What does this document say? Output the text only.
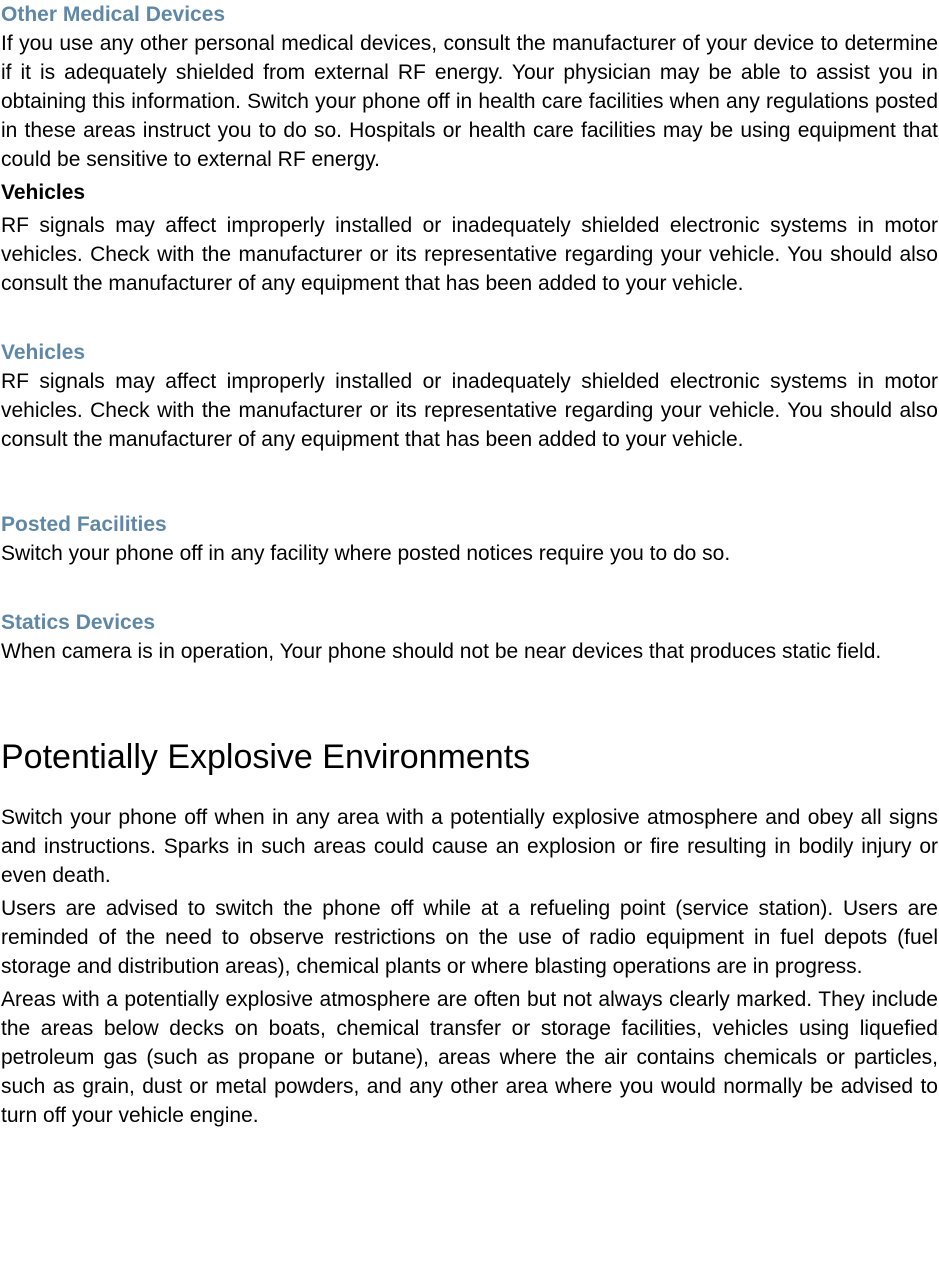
Other Medical Devices

If you use any other personal medical devices, consult the manufacturer of your device to determine if it is adequately shielded from external RF energy. Your physician may be able to assist you in obtaining this information. Switch your phone off in health care facilities when any regulations posted in these areas instruct you to do so. Hospitals or health care facilities may be using equipment that could be sensitive to external RF energy.

Vehicles

RF signals may affect improperly installed or inadequately shielded electronic systems in motor vehicles. Check with the manufacturer or its representative regarding your vehicle. You should also consult the manufacturer of any equipment that has been added to your vehicle.

Vehicles

RF signals may affect improperly installed or inadequately shielded electronic systems in motor vehicles. Check with the manufacturer or its representative regarding your vehicle. You should also consult the manufacturer of any equipment that has been added to your vehicle.

Posted Facilities

Switch your phone off in any facility where posted notices require you to do so.

Statics Devices

When camera is in operation, Your phone should not be near devices that produces static field.

Potentially Explosive Environments

Switch your phone off when in any area with a potentially explosive atmosphere and obey all signs and instructions. Sparks in such areas could cause an explosion or fire resulting in bodily injury or even death.

Users are advised to switch the phone off while at a refueling point (service station). Users are reminded of the need to observe restrictions on the use of radio equipment in fuel depots (fuel storage and distribution areas), chemical plants or where blasting operations are in progress.

Areas with a potentially explosive atmosphere are often but not always clearly marked. They include the areas below decks on boats, chemical transfer or storage facilities, vehicles using liquefied petroleum gas (such as propane or butane), areas where the air contains chemicals or particles, such as grain, dust or metal powders, and any other area where you would normally be advised to turn off your vehicle engine.
